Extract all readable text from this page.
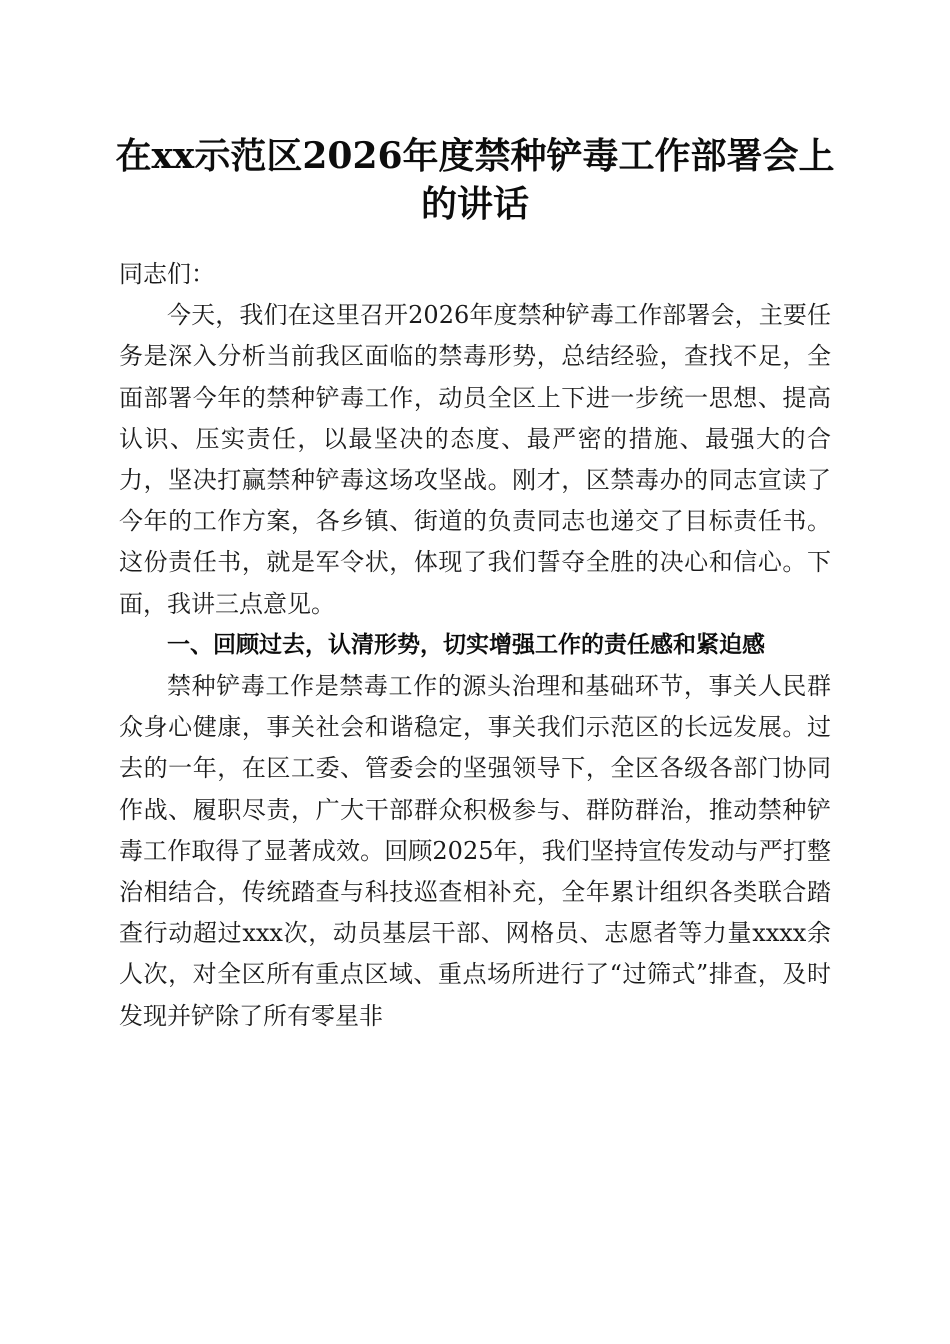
在xx示范区2026年度禁种铲毒工作部署会上
的讲话

同志们：

今天，我们在这里召开2026年度禁种铲毒工作部署会，主要任务是深入分析当前我区面临的禁毒形势，总结经验，查找不足，全面部署今年的禁种铲毒工作，动员全区上下进一步统一思想、提高认识、压实责任，以最坚决的态度、最严密的措施、最强大的合力，坚决打赢禁种铲毒这场攻坚战。刚才，区禁毒办的同志宣读了今年的工作方案，各乡镇、街道的负责同志也递交了目标责任书。这份责任书，就是军令状，体现了我们誓夺全胜的决心和信心。下面，我讲三点意见。

一、回顾过去，认清形势，切实增强工作的责任感和紧迫感

禁种铲毒工作是禁毒工作的源头治理和基础环节，事关人民群众身心健康，事关社会和谐稳定，事关我们示范区的长远发展。过去的一年，在区工委、管委会的坚强领导下，全区各级各部门协同作战、履职尽责，广大干部群众积极参与、群防群治，推动禁种铲毒工作取得了显著成效。回顾2025年，我们坚持宣传发动与严打整治相结合，传统踏查与科技巡查相补充，全年累计组织各类联合踏查行动超过xxx次，动员基层干部、网格员、志愿者等力量xxxx余人次，对全区所有重点区域、重点场所进行了“过筛式”排查，及时发现并铲除了所有零星非
